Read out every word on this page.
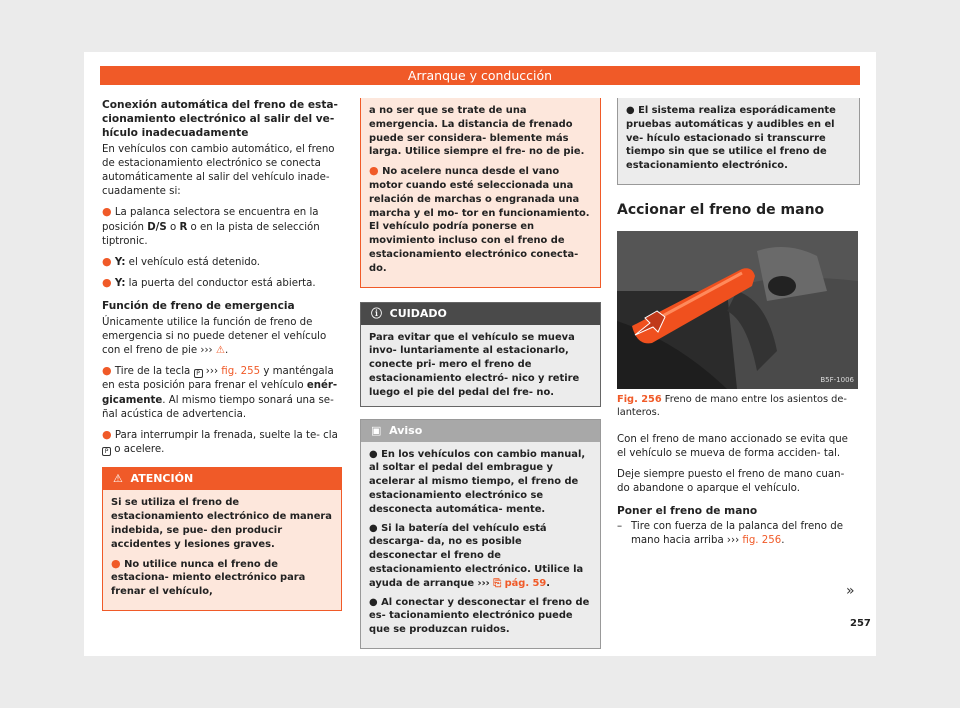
Arranque y conducción
Conexión automática del freno de esta- cionamiento electrónico al salir del ve- hículo inadecuadamente

En vehículos con cambio automático, el freno de estacionamiento electrónico se conecta automáticamente al salir del vehículo inade- cuadamente si:

● La palanca selectora se encuentra en la posición D/S o R o en la pista de selección tiptronic.
● Y: el vehículo está detenido.
● Y: la puerta del conductor está abierta.
Función de freno de emergencia

Únicamente utilice la función de freno de emergencia si no puede detener el vehículo con el freno de pie ››› ⚠.

● Tire de la tecla P ››› fig. 255 y manténgala en esta posición para frenar el vehículo enér- gicamente. Al mismo tiempo sonará una se- ñal acústica de advertencia.
● Para interrumpir la frenada, suelte la te- cla P o acelere.
⚠ ATENCIÓN

Si se utiliza el freno de estacionamiento electrónico de manera indebida, se pue- den producir accidentes y lesiones graves.

● No utilice nunca el freno de estaciona- miento electrónico para frenar el vehículo,

a no ser que se trate de una emergencia. La distancia de frenado puede ser considera- blemente más larga. Utilice siempre el fre- no de pie.

● No acelere nunca desde el vano motor cuando esté seleccionada una relación de marchas o engranada una marcha y el mo- tor en funcionamiento. El vehículo podría ponerse en movimiento incluso con el freno de estacionamiento electrónico conecta- do.
ⓘ CUIDADO
Para evitar que el vehículo se mueva invo- luntariamente al estacionarlo, conecte pri- mero el freno de estacionamiento electró- nico y retire luego el pie del pedal del fre- no.
▣ Aviso
● En los vehículos con cambio manual, al soltar el pedal del embrague y acelerar al mismo tiempo, el freno de estacionamiento electrónico se desconecta automática- mente.
● Si la batería del vehículo está descarga- da, no es posible desconectar el freno de estacionamiento electrónico. Utilice la ayuda de arranque ››› ⎘ pág. 59.
● Al conectar y desconectar el freno de es- tacionamiento electrónico puede que se produzcan ruidos.
● El sistema realiza esporádicamente pruebas automáticas y audibles en el ve- hículo estacionado si transcurre tiempo sin que se utilice el freno de estacionamiento electrónico.
Accionar el freno de mano
B5F-1006
Fig. 256 Freno de mano entre los asientos de- lanteros.

Con el freno de mano accionado se evita que el vehículo se mueva de forma acciden- tal.

Deje siempre puesto el freno de mano cuan- do abandone o aparque el vehículo.

Poner el freno de mano
– Tire con fuerza de la palanca del freno de mano hacia arriba ››› fig. 256.
»
257
